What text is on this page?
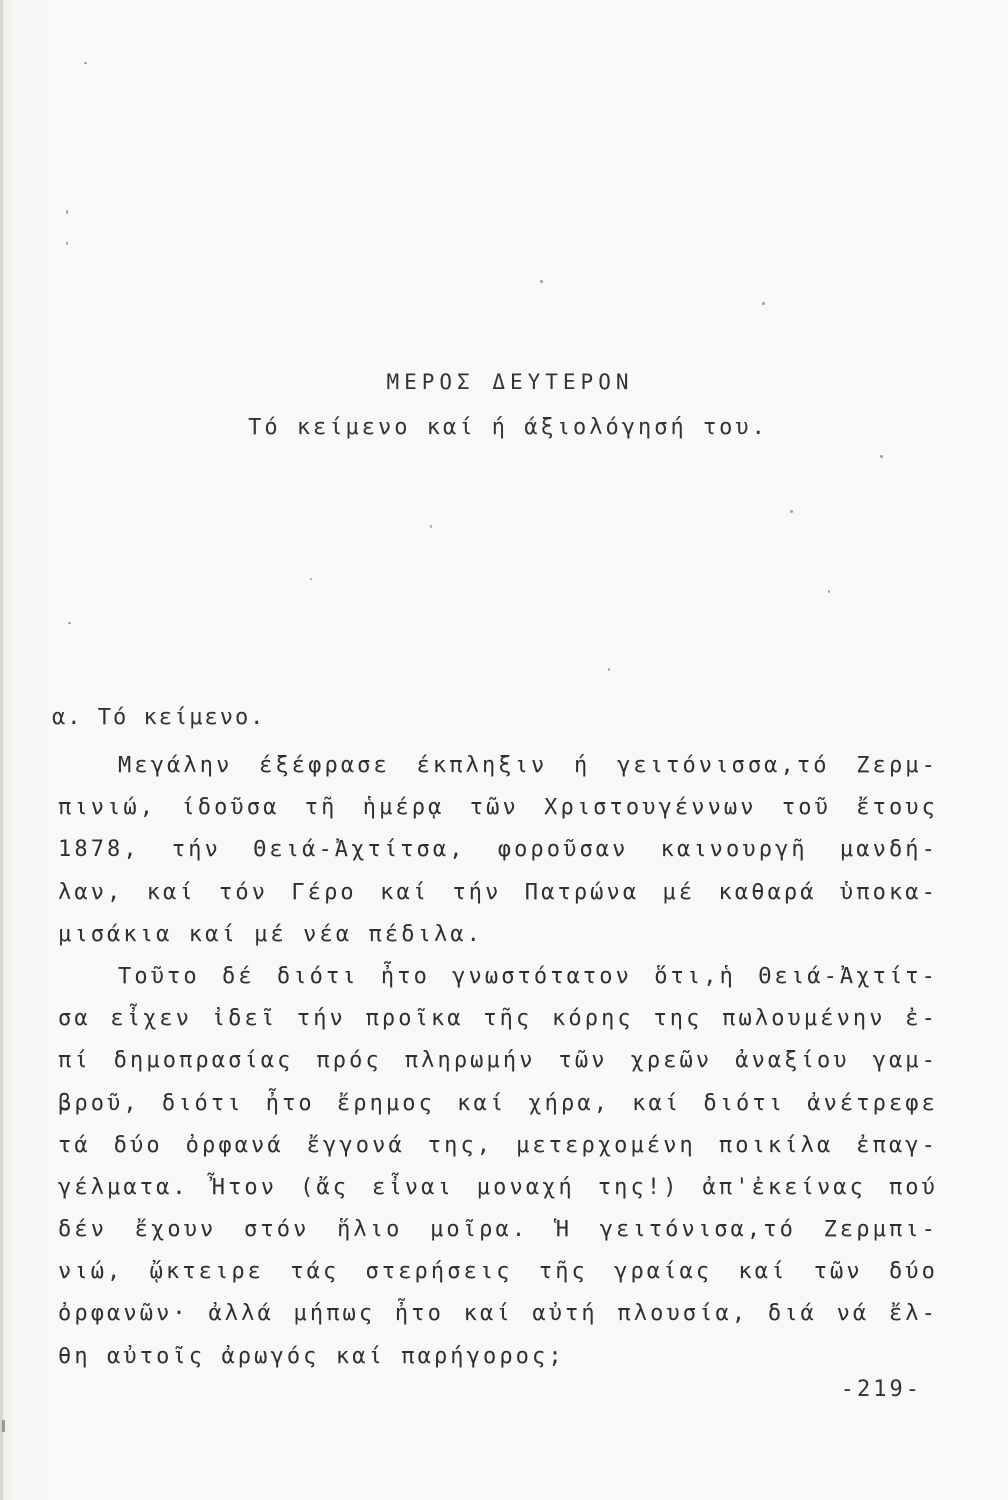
ΜΕΡΟΣ ΔΕΥΤΕΡΟΝ
Τό κείμενο καί ή άξιολόγησή του.
α. Τό κείμενο.
Μεγάλην έξέφρασε έκπληξιν ή γειτόνισσα,τό Ζερμ-
πινιώ, ίδοῦσα τῆ ἡμέρᾳ τῶν Χριστουγέννων τοῦ ἔτους
1878, τήν Θειά-Ἀχτίτσα, φοροῦσαν καινουργῆ μανδή-
λαν, καί τόν Γέρο καί τήν Πατρώνα μέ καθαρά ὑποκα-
μισάκια καί μέ νέα πέδιλα.
Τοῦτο δέ διότι ἦτο γνωστότατον ὅτι,ἡ Θειά-Ἀχτίτ-
σα εἶχεν ἰδεῖ τήν προῖκα τῆς κόρης της πωλουμένην ἐ-
πί δημοπρασίας πρός πληρωμήν τῶν χρεῶν ἀναξίου γαμ-
βροῦ, διότι ἦτο ἔρημος καί χήρα, καί διότι ἀνέτρεφε
τά δύο ὀρφανά ἔγγονά της, μετερχομένη ποικίλα ἐπαγ-
γέλματα. Ἦτον (ἄς εἶναι μοναχή της!) ἀπ'ἐκείνας πού
δέν ἔχουν στόν ἥλιο μοῖρα. Ἡ γειτόνισα,τό Ζερμπι-
νιώ, ᾤκτειρε τάς στερήσεις τῆς γραίας καί τῶν δύο
ὀρφανῶν· ἀλλά μήπως ἦτο καί αὐτή πλουσία, διά νά ἔλ-
θη αὐτοῖς ἀρωγός καί παρήγορος;
-219-
